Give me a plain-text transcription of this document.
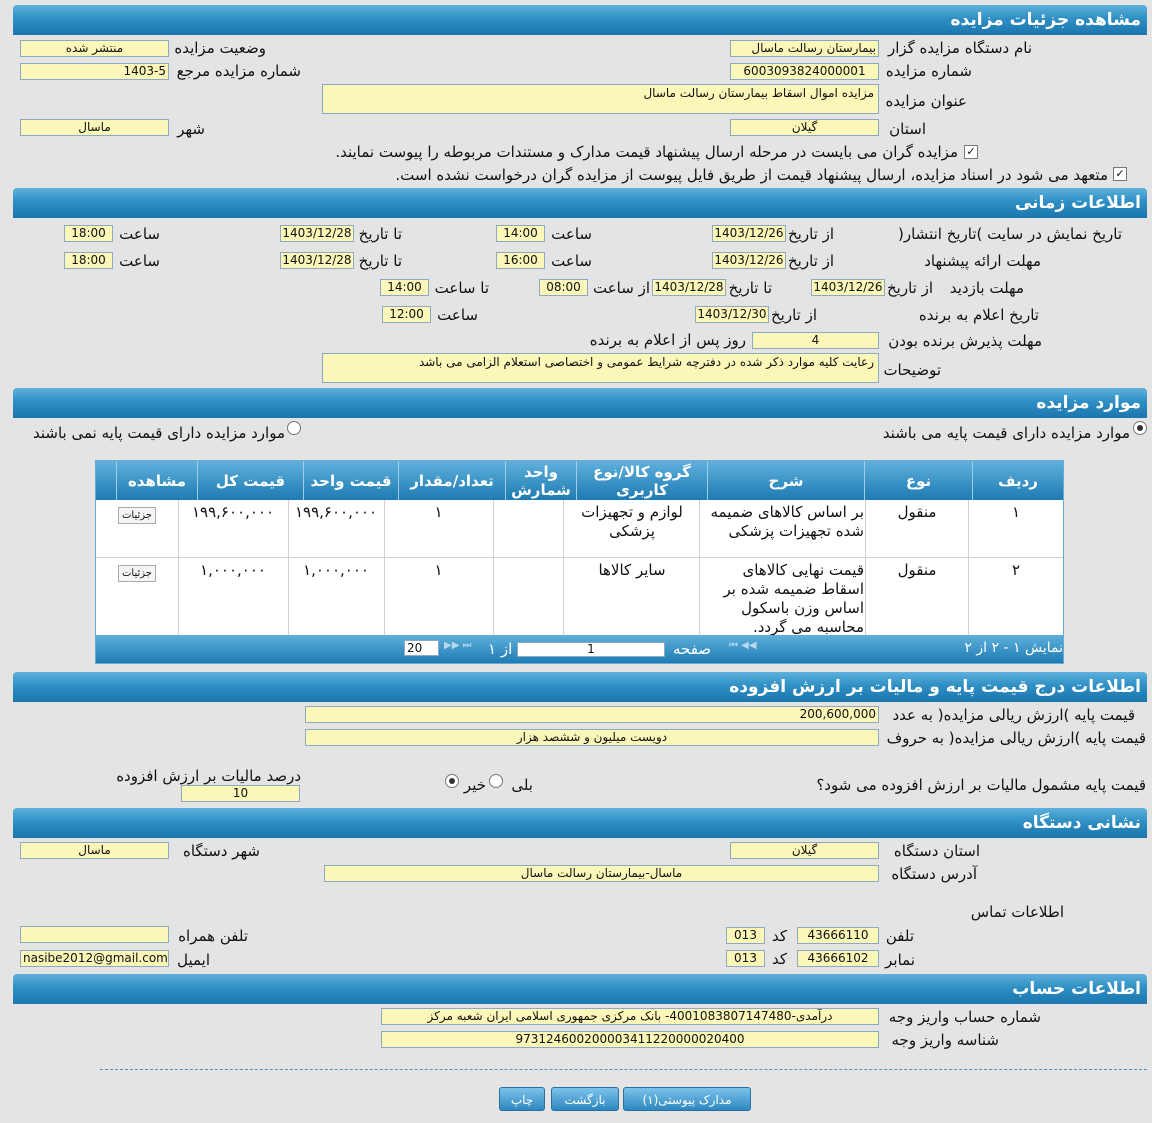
مشاهده جزئیات مزایده
نام دستگاه مزایده گزار
بیمارستان رسالت ماسال
وضعیت مزایده
منتشر شده
شماره مزایده
6003093824000001
شماره مزایده مرجع
1403-5
عنوان مزایده
مزایده اموال اسقاط بیمارستان رسالت ماسال
استان
گیلان
شهر
ماسال
✓
مزایده گران می بایست در مرحله ارسال پیشنهاد قیمت مدارک و مستندات مربوطه را پیوست نمایند.
✓
متعهد می شود در اسناد مزایده، ارسال پیشنهاد قیمت از طریق فایل پیوست از مزایده گران درخواست نشده است.
اطلاعات زمانی
تاریخ نمایش در سایت )تاریخ انتشار(
از تاریخ
1403/12/26
ساعت
14:00
تا تاریخ
1403/12/28
ساعت
18:00
مهلت ارائه پیشنهاد
از تاریخ
1403/12/26
ساعت
16:00
تا تاریخ
1403/12/28
ساعت
18:00
مهلت بازدید
از تاریخ
1403/12/26
تا تاریخ
1403/12/28
از ساعت
08:00
تا ساعت
14:00
تاریخ اعلام به برنده
از تاریخ
1403/12/30
ساعت
12:00
مهلت پذیرش برنده بودن
4
روز پس از اعلام به برنده
توضیحات
رعایت کلیه موارد ذکر شده در دفترچه شرایط عمومی و اختصاصی استعلام الزامی می باشد
موارد مزایده
موارد مزایده دارای قیمت پایه می باشند
موارد مزایده دارای قیمت پایه نمی باشند
ردیف
نوع
شرح
گروه کالا/نوع
کاربری
واحد
شمارش
تعداد/مقدار
قیمت واحد
قیمت کل
مشاهده
۱
منقول
بر اساس کالاهای ضمیمه شده تجهیزات پزشکی
لوازم و تجهیزات پزشکی
۱
۱۹۹,۶۰۰,۰۰۰
۱۹۹,۶۰۰,۰۰۰
جزئیات
۲
منقول
قیمت نهایی کالاهای اسقاط ضمیمه شده بر اساس وزن باسکول محاسبه می گردد.
سایر کالاها
۱
۱,۰۰۰,۰۰۰
۱,۰۰۰,۰۰۰
جزئیات
نمایش ۱ - ۲ از ۲
⏮ ◀◀
صفحه
1
از ۱
▶▶ ⏭
20
اطلاعات درج قیمت پایه و مالیات بر ارزش افزوده
قیمت پایه )ارزش ریالی مزایده( به عدد
200,600,000
قیمت پایه )ارزش ریالی مزایده( به حروف
دویست میلیون و ششصد هزار
قیمت پایه مشمول مالیات بر ارزش افزوده می شود؟
بلی
خیر
درصد مالیات بر ارزش افزوده
10
نشانی دستگاه
استان دستگاه
گیلان
شهر دستگاه
ماسال
آدرس دستگاه
ماسال-بیمارستان رسالت ماسال
اطلاعات تماس
تلفن
43666110
کد
013
تلفن همراه
نمابر
43666102
کد
013
ایمیل
nasibe2012@gmail.com
اطلاعات حساب
شماره حساب واریز وجه
درآمدی-4001083807147480- بانک مرکزی جمهوری اسلامی ایران شعبه مرکز
شناسه واریز وجه
973124600200003411220000020400
مدارک پیوستی(۱)
بازگشت
چاپ
